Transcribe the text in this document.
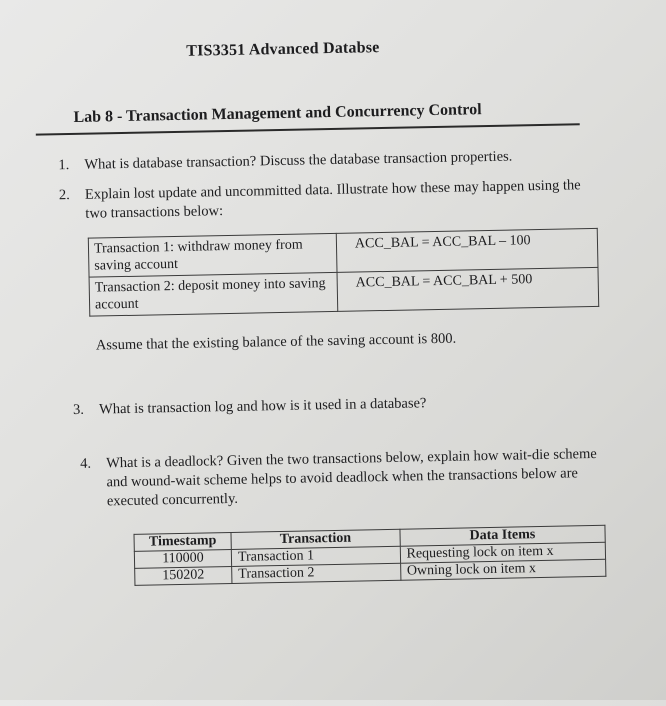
TIS3351 Advanced Databse
Lab 8 - Transaction Management and Concurrency Control
1. What is database transaction? Discuss the database transaction properties.
2. Explain lost update and uncommitted data. Illustrate how these may happen using the two transactions below:
Transaction 1: withdraw money from saving account	ACC_BAL = ACC_BAL – 100
Transaction 2: deposit money into saving account	ACC_BAL = ACC_BAL + 500
Assume that the existing balance of the saving account is 800.
3. What is transaction log and how is it used in a database?
4. What is a deadlock? Given the two transactions below, explain how wait-die scheme and wound-wait scheme helps to avoid deadlock when the transactions below are executed concurrently.
Timestamp	Transaction	Data Items
110000	Transaction 1	Requesting lock on item x
150202	Transaction 2	Owning lock on item x
